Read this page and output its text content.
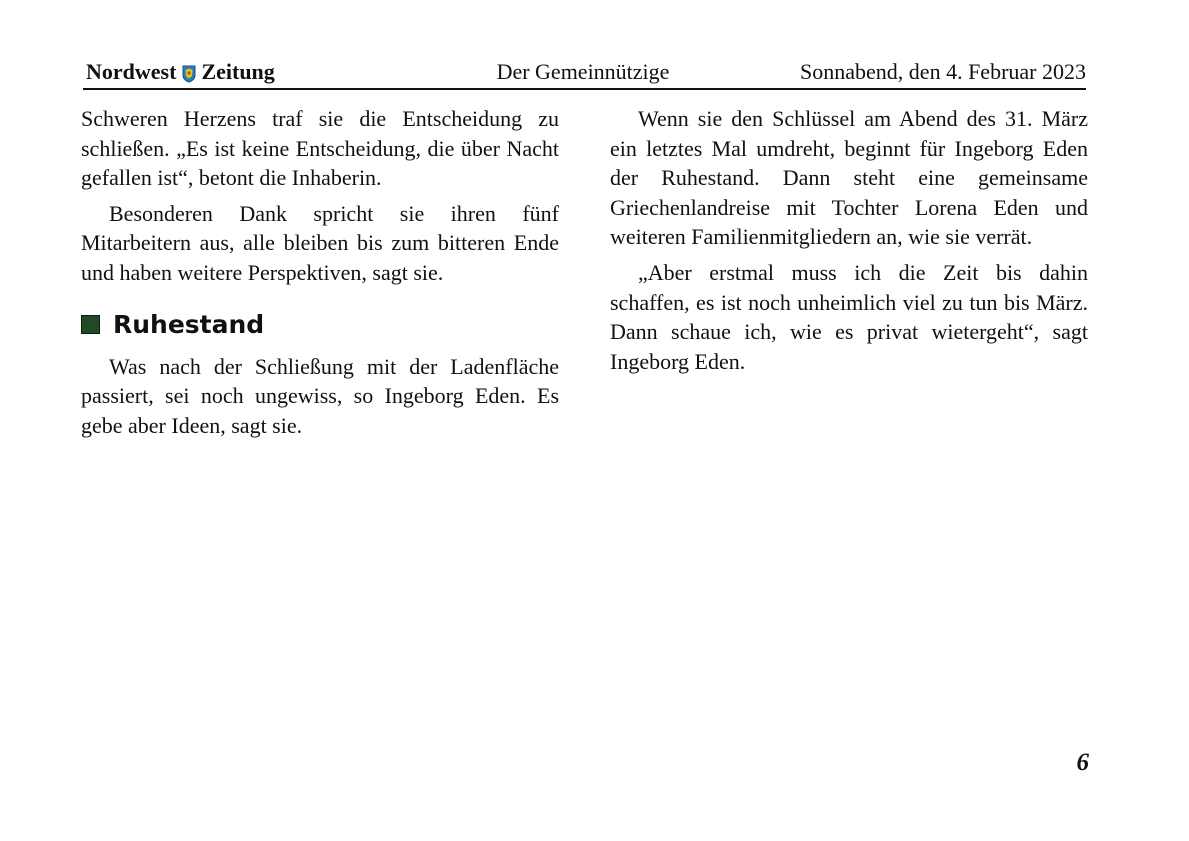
Nordwest Zeitung	Der Gemeinnützige	Sonnabend, den 4. Februar 2023

Schweren Herzens traf sie die Entscheidung zu schließen. „Es ist keine Entscheidung, die über Nacht gefallen ist“, betont die Inhaberin.

Besonderen Dank spricht sie ihren fünf Mitarbeitern aus, alle bleiben bis zum bitteren Ende und haben weitere Perspektiven, sagt sie.

Ruhestand

Was nach der Schließung mit der Ladenfläche passiert, sei noch ungewiss, so Ingeborg Eden. Es gebe aber Ideen, sagt sie.

Wenn sie den Schlüssel am Abend des 31. März ein letztes Mal umdreht, beginnt für Ingeborg Eden der Ruhestand. Dann steht eine gemeinsame Griechenlandreise mit Tochter Lorena Eden und weiteren Familienmitgliedern an, wie sie verrät.

„Aber erstmal muss ich die Zeit bis dahin schaffen, es ist noch unheimlich viel zu tun bis März. Dann schaue ich, wie es privat wietergeht“, sagt Ingeborg Eden.

6
